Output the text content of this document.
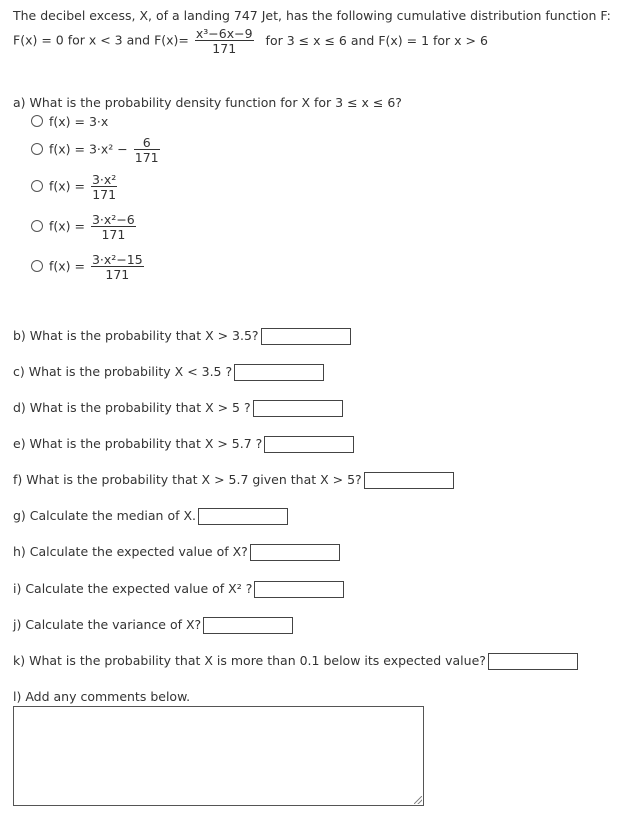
The decibel excess, X, of a landing 747 Jet, has the following cumulative distribution function F:
F(x) = 0 for x < 3 and $F(x)= \frac{\text{x³−6x−9}}{171}$ for 3 ≤ x ≤ 6 and F(x) = 1 for x > 6
a) What is the probability density function for X for 3 ≤ x ≤ 6?
f(x) = 3·x
$f(x) = 3\cdot x^2 - \frac{6}{171}$
$f(x) = \frac{\text{3·x²}}{171}$
$f(x) = \frac{\text{3·x²−6}}{171}$
$f(x) = \frac{\text{3·x²−15}}{171}$
b) What is the probability that X > 3.5?
c) What is the probability X < 3.5 ?
d) What is the probability that X > 5 ?
e) What is the probability that X > 5.7 ?
f) What is the probability that X > 5.7 given that X > 5?
g) Calculate the median of X.
h) Calculate the expected value of X?
i) Calculate the expected value of X² ?
j) Calculate the variance of X?
k) What is the probability that X is more than 0.1 below its expected value?
l) Add any comments below.
